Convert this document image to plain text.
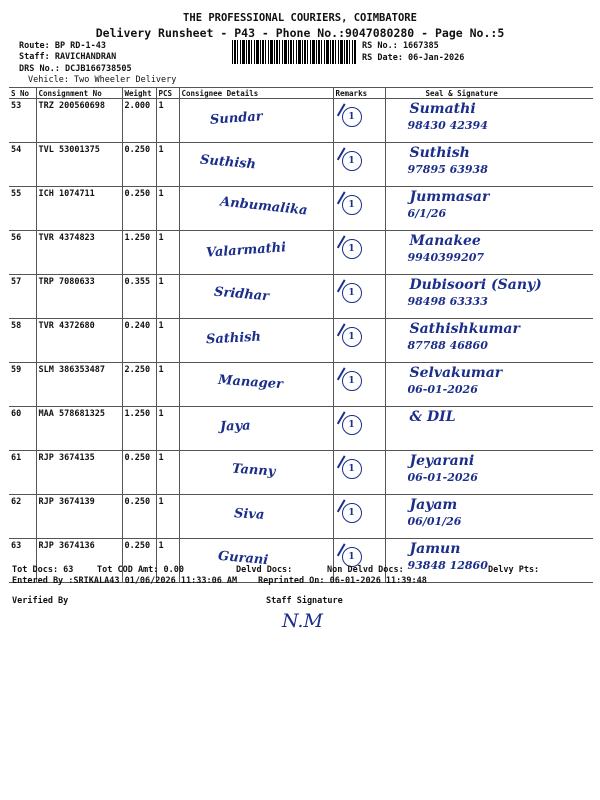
THE PROFESSIONAL COURIERS, COIMBATORE
Delivery Runsheet - P43 - Phone No.:9047080280 - Page No.:5
Route: BP RD-1-43
Staff: RAVICHANDRAN
DRS No.: DCJB166738505
Vehicle: Two Wheeler Delivery
RS No.: 1667385
RS Date: 06-Jan-2026
S No	Consignment No	Weight	PCS	Consignee Details	Remarks	Seal & Signature
53	TRZ 200560698	2.000	1	Sundar	1	Sumathi
98430 42394

54	TVL 53001375	0.250	1	Suthish	1	Suthish
97895 63938

55	ICH 1074711	0.250	1	Anbumalika	1	Jummasar
6/1/26

56	TVR 4374823	1.250	1	Valarmathi	1	Manakee
9940399207

57	TRP 7080633	0.355	1	Sridhar	1	Dubisoori (Sany)
98498 63333

58	TVR 4372680	0.240	1	Sathish	1	Sathishkumar
87788 46860

59	SLM 386353487	2.250	1	Manager	1	Selvakumar
06-01-2026

60	MAA 578681325	1.250	1	Jaya	1	& DIL

61	RJP 3674135	0.250	1	Tanny	1	Jeyarani
06-01-2026

62	RJP 3674139	0.250	1	Siva	1	Jayam
06/01/26

63	RJP 3674136	0.250	1	Gurani	1	Jamun
93848 12860
Tot Docs: 63	Tot COD Amt: 0.00	Delvd Docs:	Non Delvd Docs:	Delvy Pts:
Entered By :SRIKALA43 01/06/2026 11:33:06 AM Reprinted On: 06-01-2026 11:39:48
Verified By	Staff Signature
N.M
